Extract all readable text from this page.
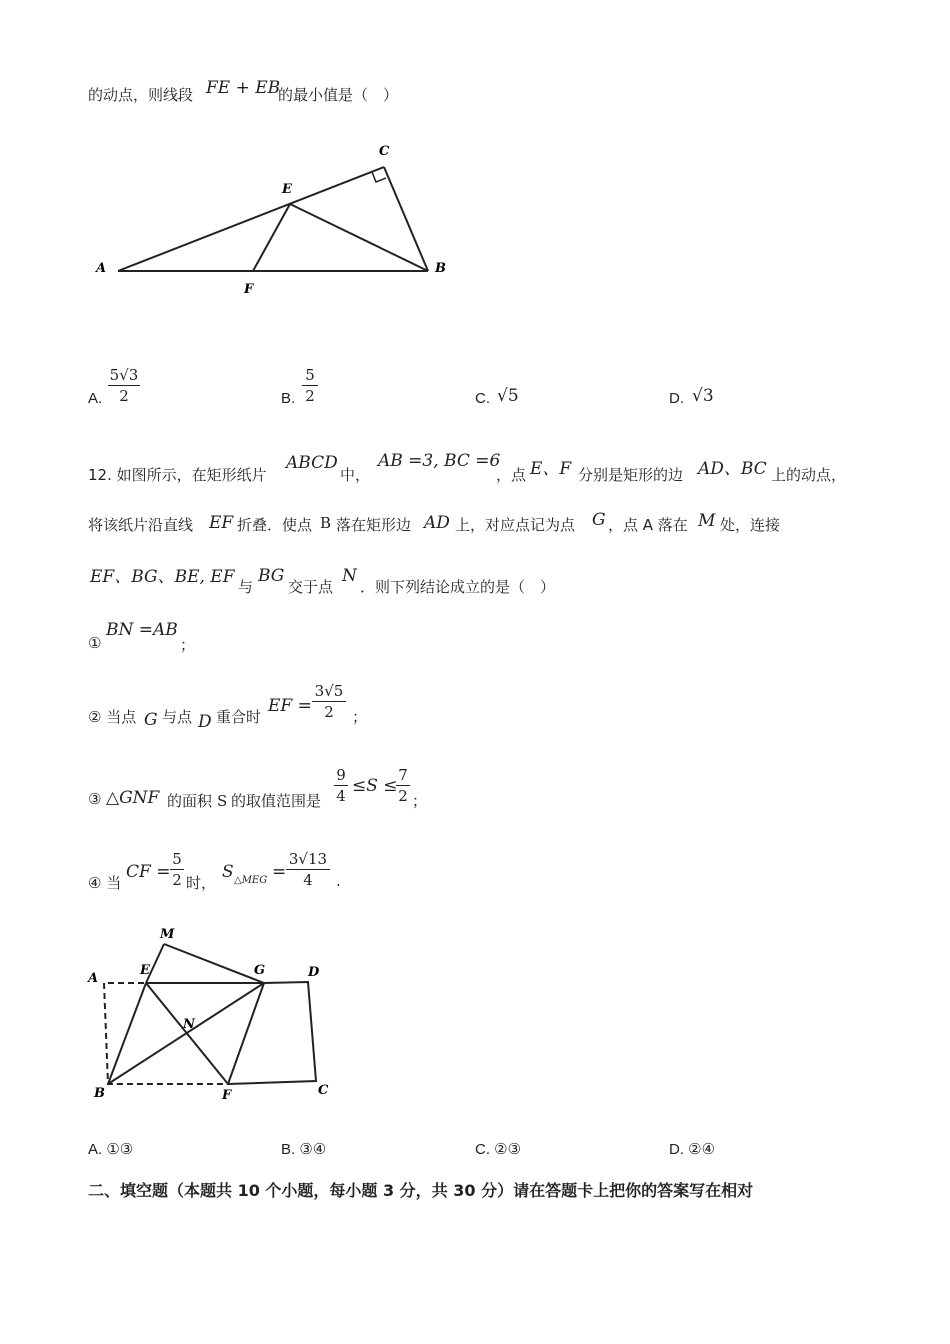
的动点，则线段 FE + EB
的最小值是（　）
A	B
C
E
F
A.
5√3
2	B.
5
2	C. √5	D. √3
12. 如图所示，在矩形纸片
ABCD
中，
AB =3, BC =6
，点 E、F 分别是矩形的边 AD、BC 上的动点，
将该纸片沿直线 EF 折叠．使点 B 落在矩形边 AD 上，对应点记为点 G ，点 A 落在 M 处，连接
EF、BG、BE, EF 与
BG
交于点
N
．则下列结论成立的是（　）
①
BN =AB
；
② 当点 G 与点 D 重合时
EF =
3√5
2	；
③ △GNF 的面积 S 的取值范围是
9
4 ≤S ≤
7
2 ；
④ 当
CF =
5
2 时，
S △MEG =
3√13
4	.
M
A
E	G	D
N
B	F	C
A. ①③	B. ③④	C. ②③	D. ②④
二、填空题（本题共 10 个小题，每小题 3 分，共 30 分）请在答题卡上把你的答案写在相对
